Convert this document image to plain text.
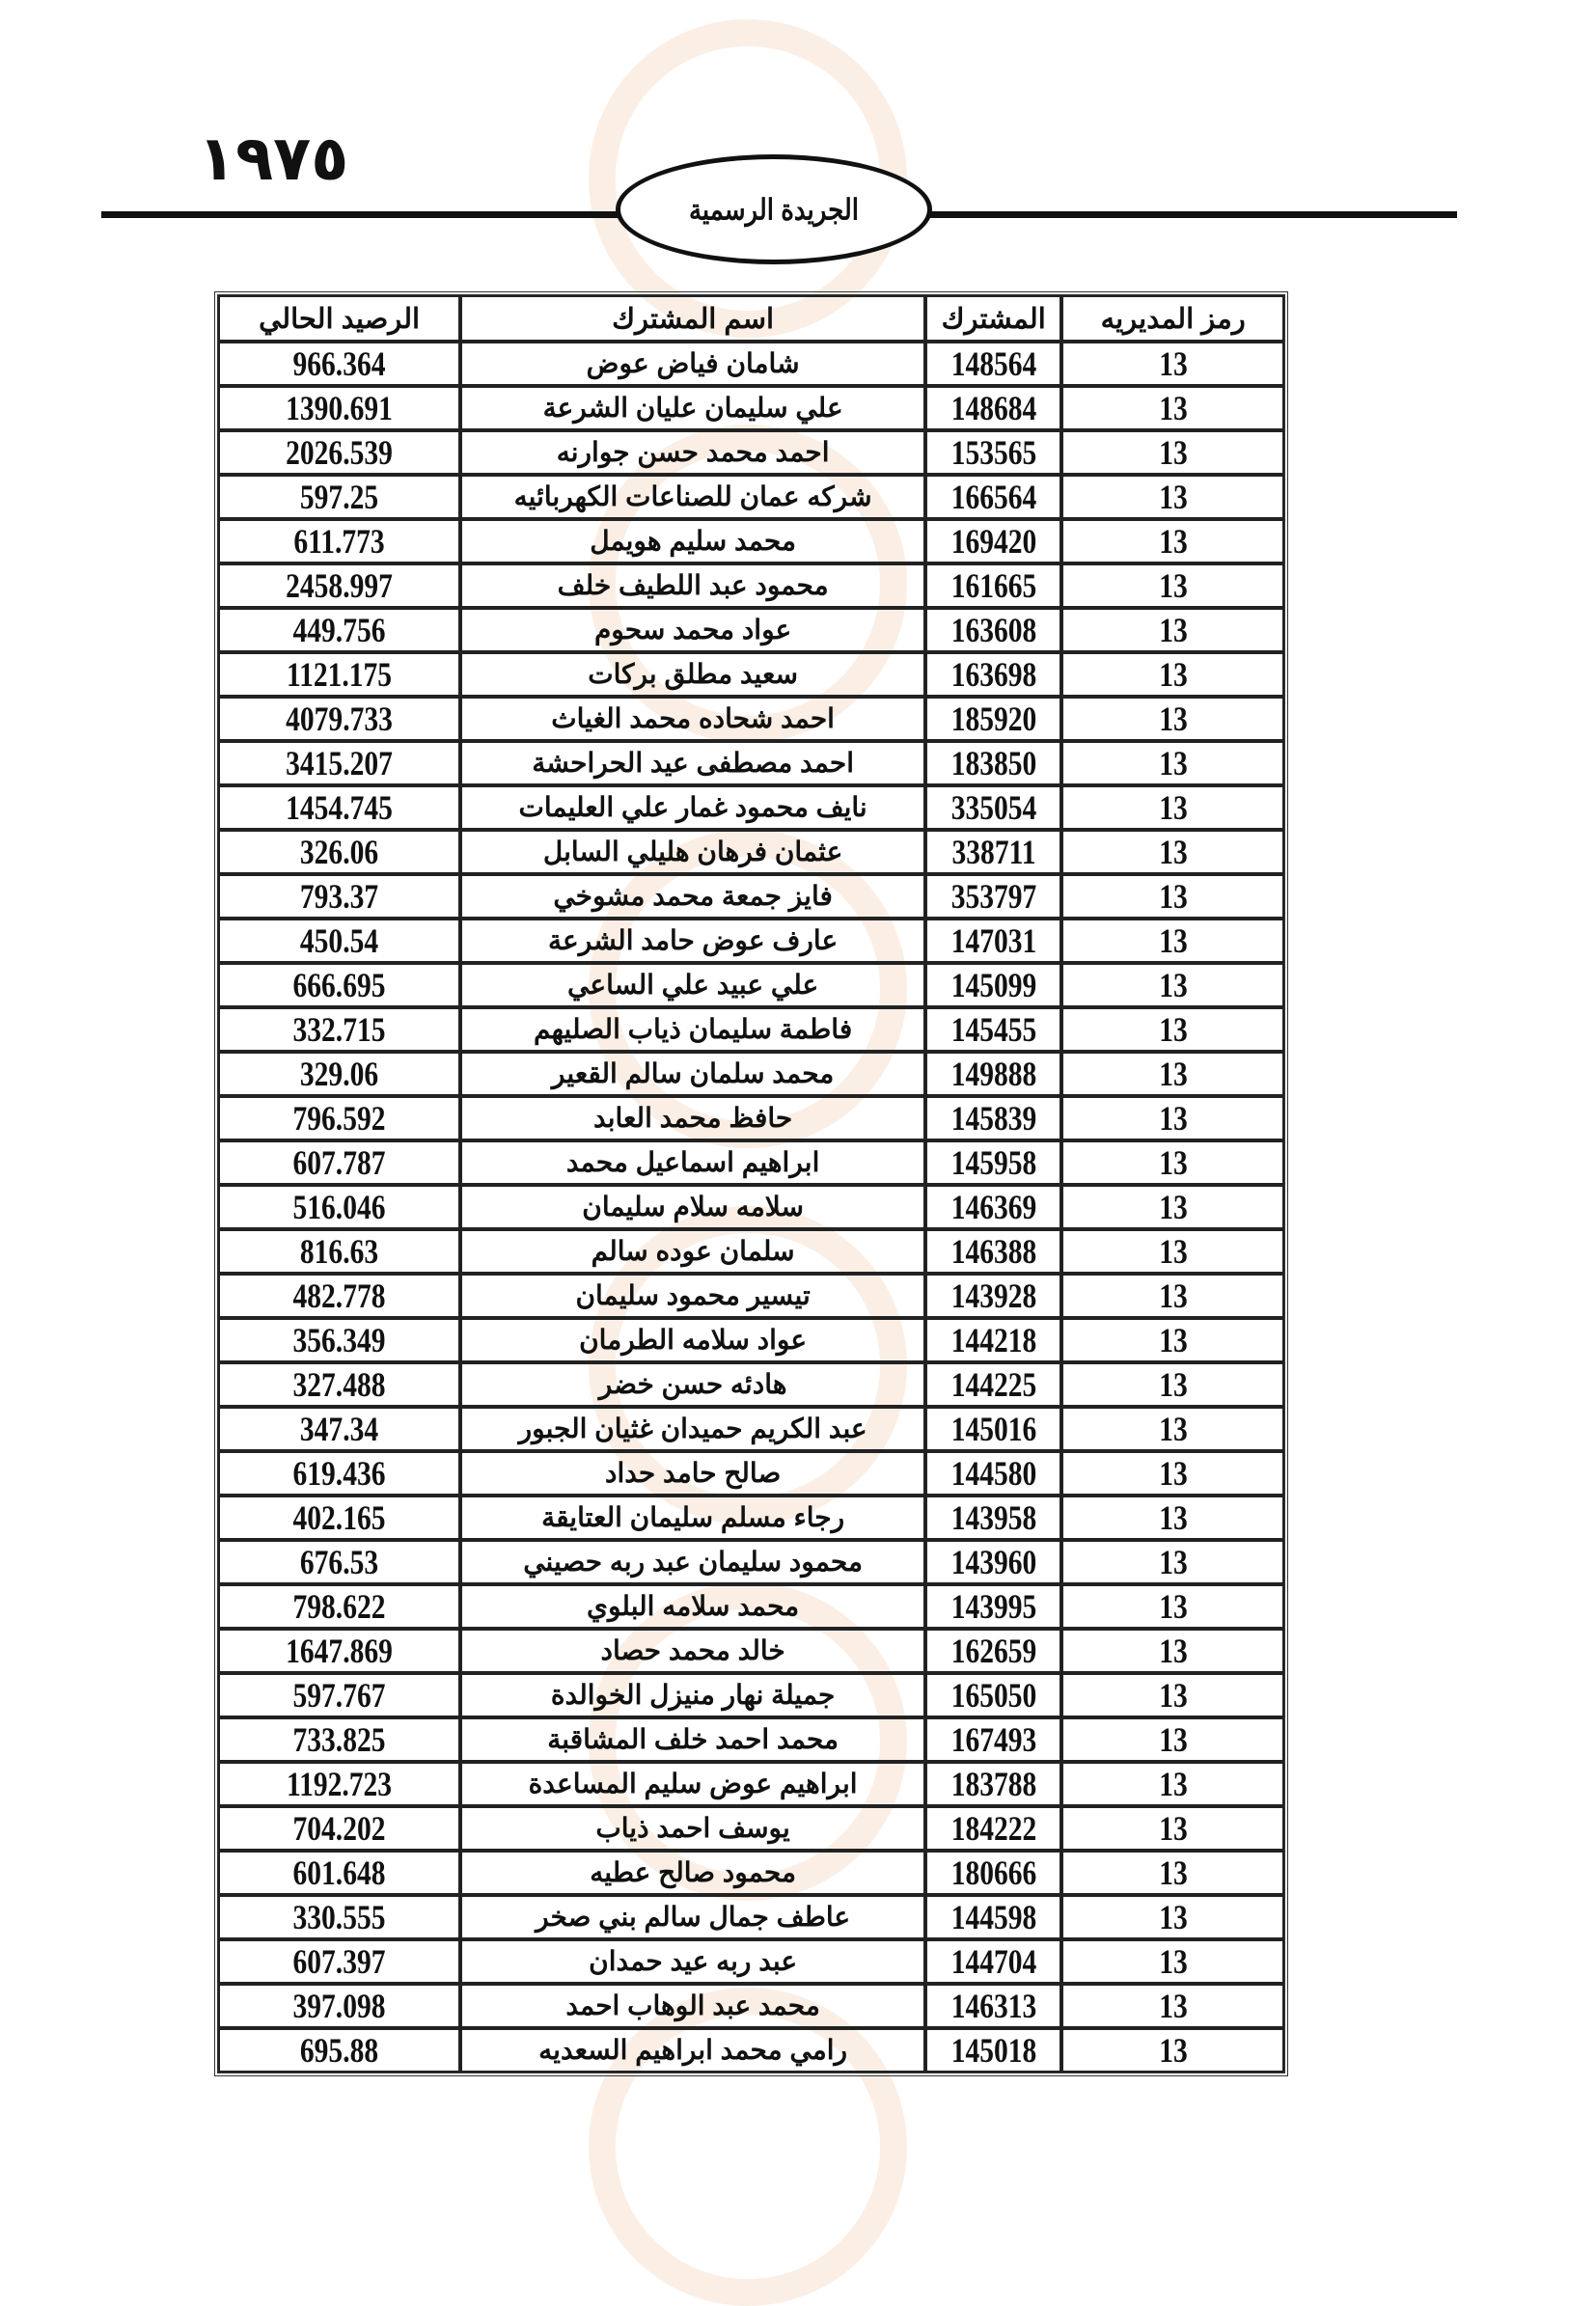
١٩٧٥
الجريدة الرسمية
رمز المديريه	المشترك	اسم المشترك	الرصيد الحالي
13	148564	شامان فياض عوض	966.364
13	148684	علي سليمان عليان الشرعة	1390.691
13	153565	احمد محمد حسن جوارنه	2026.539
13	166564	شركه عمان للصناعات الكهربائيه	597.25
13	169420	محمد سليم هويمل	611.773
13	161665	محمود عبد اللطيف خلف	2458.997
13	163608	عواد محمد سحوم	449.756
13	163698	سعيد مطلق بركات	1121.175
13	185920	احمد شحاده محمد الغياث	4079.733
13	183850	احمد مصطفى عيد الحراحشة	3415.207
13	335054	نايف محمود غمار علي العليمات	1454.745
13	338711	عثمان فرهان هليلي السابل	326.06
13	353797	فايز جمعة محمد مشوخي	793.37
13	147031	عارف عوض حامد الشرعة	450.54
13	145099	علي عبيد علي الساعي	666.695
13	145455	فاطمة سليمان ذياب الصليهم	332.715
13	149888	محمد سلمان سالم القعير	329.06
13	145839	حافظ محمد العابد	796.592
13	145958	ابراهيم اسماعيل محمد	607.787
13	146369	سلامه سلام سليمان	516.046
13	146388	سلمان عوده سالم	816.63
13	143928	تيسير محمود سليمان	482.778
13	144218	عواد سلامه الطرمان	356.349
13	144225	هادئه حسن خضر	327.488
13	145016	عبد الكريم حميدان غثيان الجبور	347.34
13	144580	صالح حامد حداد	619.436
13	143958	رجاء مسلم سليمان العتايقة	402.165
13	143960	محمود سليمان عبد ربه حصيني	676.53
13	143995	محمد سلامه البلوي	798.622
13	162659	خالد محمد حصاد	1647.869
13	165050	جميلة نهار منيزل الخوالدة	597.767
13	167493	محمد احمد خلف المشاقبة	733.825
13	183788	ابراهيم عوض سليم المساعدة	1192.723
13	184222	يوسف احمد ذياب	704.202
13	180666	محمود صالح عطيه	601.648
13	144598	عاطف جمال سالم بني صخر	330.555
13	144704	عبد ربه عيد حمدان	607.397
13	146313	محمد عبد الوهاب احمد	397.098
13	145018	رامي محمد ابراهيم السعديه	695.88
